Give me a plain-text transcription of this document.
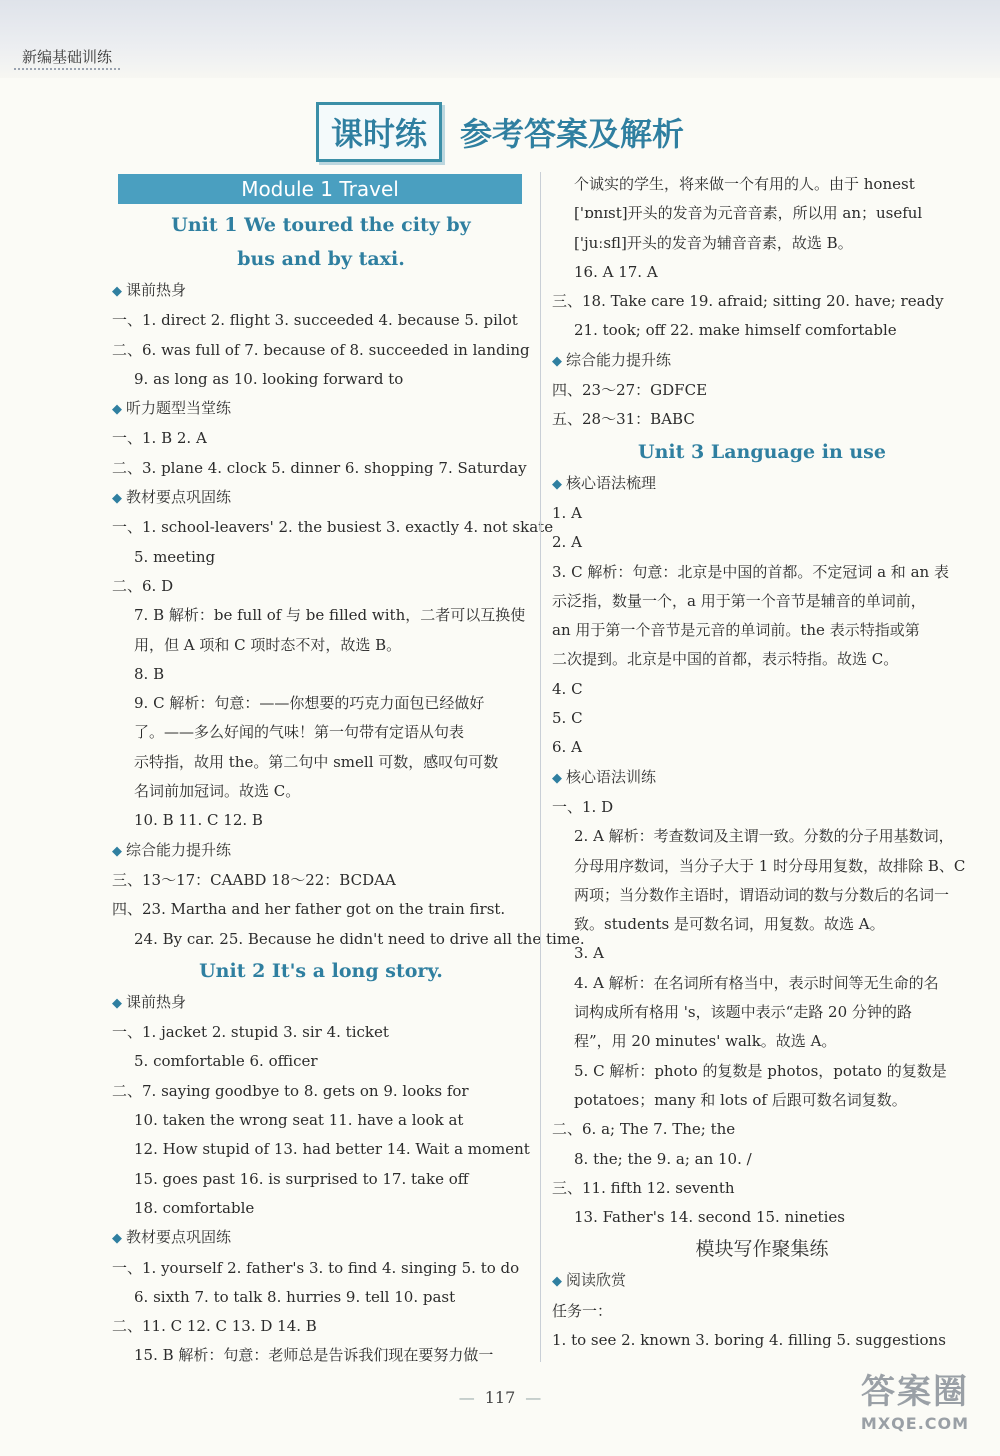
新编基础训练
课时练 参考答案及解析
Module 1 Travel
Unit 1 We toured the city by
bus and by taxi.
◆ 课前热身
一、1. direct 2. flight 3. succeeded 4. because 5. pilot
二、6. was full of 7. because of 8. succeeded in landing
9. as long as 10. looking forward to
◆ 听力题型当堂练
一、1. B 2. A
二、3. plane 4. clock 5. dinner 6. shopping 7. Saturday
◆ 教材要点巩固练
一、1. school-leavers' 2. the busiest 3. exactly 4. not skate
5. meeting
二、6. D
7. B 解析：be full of 与 be filled with，二者可以互换使
用，但 A 项和 C 项时态不对，故选 B。
8. B
9. C 解析：句意：——你想要的巧克力面包已经做好
了。——多么好闻的气味！第一句带有定语从句表
示特指，故用 the。第二句中 smell 可数，感叹句可数
名词前加冠词。故选 C。
10. B 11. C 12. B
◆ 综合能力提升练
三、13～17：CAABD 18～22：BCDAA
四、23. Martha and her father got on the train first.
24. By car. 25. Because he didn't need to drive all the time.
Unit 2 It's a long story.
◆ 课前热身
一、1. jacket 2. stupid 3. sir 4. ticket
5. comfortable 6. officer
二、7. saying goodbye to 8. gets on 9. looks for
10. taken the wrong seat 11. have a look at
12. How stupid of 13. had better 14. Wait a moment
15. goes past 16. is surprised to 17. take off
18. comfortable
◆ 教材要点巩固练
一、1. yourself 2. father's 3. to find 4. singing 5. to do
6. sixth 7. to talk 8. hurries 9. tell 10. past
二、11. C 12. C 13. D 14. B
15. B 解析：句意：老师总是告诉我们现在要努力做一
个诚实的学生，将来做一个有用的人。由于 honest
['ɒnɪst]开头的发音为元音音素，所以用 an；useful
['juːsfl]开头的发音为辅音音素，故选 B。
16. A 17. A
三、18. Take care 19. afraid; sitting 20. have; ready
21. took; off 22. make himself comfortable
◆ 综合能力提升练
四、23～27：GDFCE
五、28～31：BABC
Unit 3 Language in use
◆ 核心语法梳理
1. A
2. A
3. C 解析：句意：北京是中国的首都。不定冠词 a 和 an 表
示泛指，数量一个，a 用于第一个音节是辅音的单词前，
an 用于第一个音节是元音的单词前。the 表示特指或第
二次提到。北京是中国的首都，表示特指。故选 C。
4. C
5. C
6. A
◆ 核心语法训练
一、1. D
2. A 解析：考查数词及主谓一致。分数的分子用基数词，
分母用序数词，当分子大于 1 时分母用复数，故排除 B、C
两项；当分数作主语时，谓语动词的数与分数后的名词一
致。students 是可数名词，用复数。故选 A。
3. A
4. A 解析：在名词所有格当中，表示时间等无生命的名
词构成所有格用 's，该题中表示“走路 20 分钟的路
程”，用 20 minutes' walk。故选 A。
5. C 解析：photo 的复数是 photos，potato 的复数是
potatoes；many 和 lots of 后跟可数名词复数。
二、6. a; The 7. The; the
8. the; the 9. a; an 10. /
三、11. fifth 12. seventh
13. Father's 14. second 15. nineties
模块写作聚集练
◆ 阅读欣赏
任务一：
1. to see 2. known 3. boring 4. filling 5. suggestions
— 117 —	答案圈
MXQE.COM
